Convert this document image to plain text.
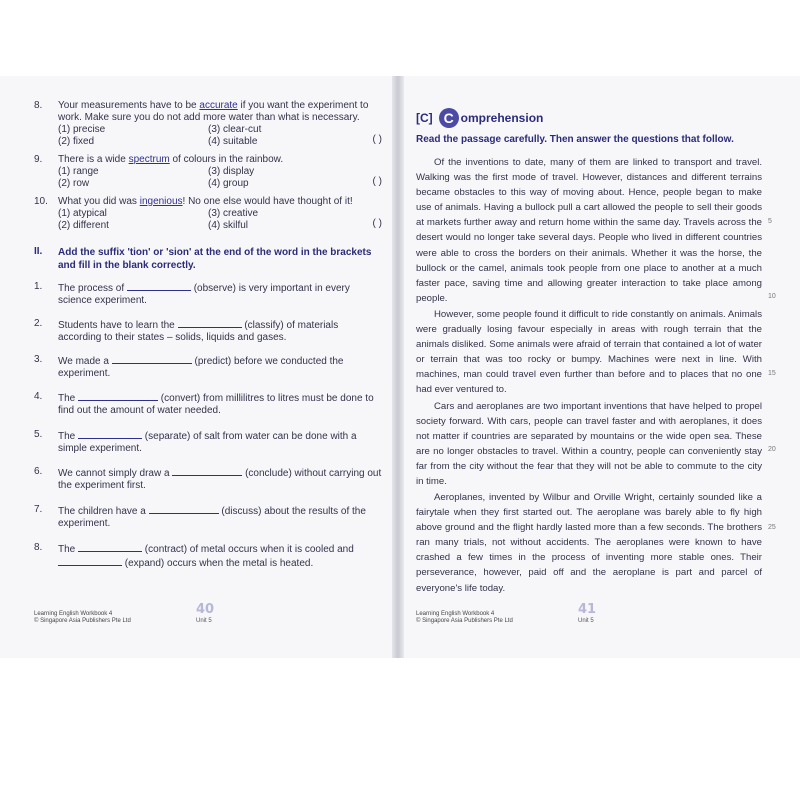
8.	Your measurements have to be accurate if you want the experiment to work. Make sure you do not add more water than what is necessary.
(1) precise	(3) clear-cut
(2) fixed	(4) suitable	( )
9.	There is a wide spectrum of colours in the rainbow.
(1) range	(3) display
(2) row	(4) group	( )
10.	What you did was ingenious! No one else would have thought of it!
(1) atypical	(3) creative
(2) different	(4) skilful	( )
II.	Add the suffix 'tion' or 'sion' at the end of the word in the brackets and fill in the blank correctly.
1.	The process of	(observe) is very important in every science experiment.
2.	Students have to learn the	(classify) of materials according to their states – solids, liquids and gases.
3.	We made a	(predict) before we conducted the experiment.
4.	The	(convert) from millilitres to litres must be done to find out the amount of water needed.
5.	The	(separate) of salt from water can be done with a simple experiment.
6.	We cannot simply draw a	(conclude) without carrying out the experiment first.
7.	The children have a	(discuss) about the results of the experiment.
8.	The	(contract) of metal occurs when it is cooled and
(expand) occurs when the metal is heated.
Learning English Workbook 4
© Singapore Asia Publishers Pte Ltd
40
Unit 5
[C] C omprehension
Read the passage carefully. Then answer the questions that follow.

Of the inventions to date, many of them are linked to transport and travel. Walking was the first mode of travel. However, distances and different terrains became obstacles to this way of moving about. Hence, people began to make use of animals. Having a bullock pull a cart allowed the people to sell their goods at markets further away and return home within the same day. Travels across the desert would no longer take several days. People who lived in different countries were able to cross the borders on their animals. Whether it was the horse, the bullock or the camel, animals took people from one place to another at a much faster pace, saving time and allowing greater interaction to take place among people.

However, some people found it difficult to ride constantly on animals. Animals were gradually losing favour especially in areas with rough terrain that the animals disliked. Some animals were afraid of terrain that contained a lot of water or terrain that was too rocky or bumpy. Machines were next in line. With machines, man could travel even further than before and to places that no one had ever ventured to.

Cars and aeroplanes are two important inventions that have helped to propel society forward. With cars, people can travel faster and with aeroplanes, it does not matter if countries are separated by mountains or the wide open sea. These are no longer obstacles to travel. Within a country, people can conveniently stay far from the city without the fear that they will not be able to commute to the city in time.

Aeroplanes, invented by Wilbur and Orville Wright, certainly sounded like a fairytale when they first started out. The aeroplane was barely able to fly high above ground and the flight hardly lasted more than a few seconds. The brothers ran many trials, not without accidents. The aeroplanes were known to have crashed a few times in the process of inventing more stable ones. Their perseverance, however, paid off and the aeroplane is part and parcel of everyone's life today.

5
10
15
20
25
Learning English Workbook 4
© Singapore Asia Publishers Pte Ltd
41
Unit 5
